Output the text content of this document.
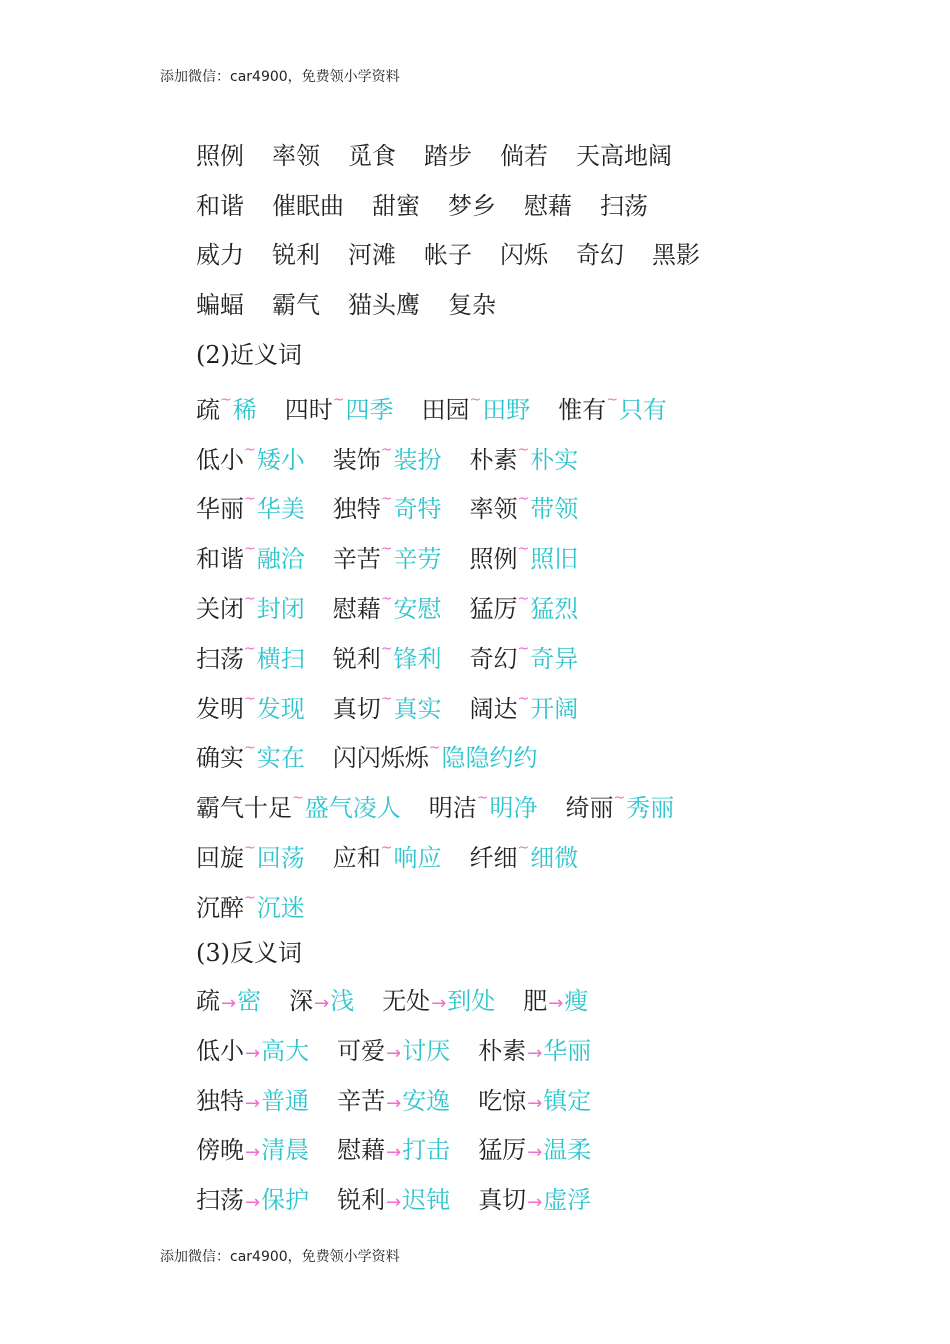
添加微信：car4900，免费领小学资料
照例 率领 觅食 踏步 倘若 天高地阔
和谐 催眠曲 甜蜜 梦乡 慰藉 扫荡
威力 锐利 河滩 帐子 闪烁 奇幻 黑影
蝙蝠 霸气 猫头鹰 复杂
(2)近义词
疏~稀 四时~四季 田园~田野 惟有~只有
低小~矮小 装饰~装扮 朴素~朴实
华丽~华美 独特~奇特 率领~带领
和谐~融洽 辛苦~辛劳 照例~照旧
关闭~封闭 慰藉~安慰 猛厉~猛烈
扫荡~横扫 锐利~锋利 奇幻~奇异
发明~发现 真切~真实 阔达~开阔
确实~实在 闪闪烁烁~隐隐约约
霸气十足~盛气凌人 明洁~明净 绮丽~秀丽
回旋~回荡 应和~响应 纤细~细微
沉醉~沉迷
(3)反义词
疏→密 深→浅 无处→到处 肥→瘦
低小→高大 可爱→讨厌 朴素→华丽
独特→普通 辛苦→安逸 吃惊→镇定
傍晚→清晨 慰藉→打击 猛厉→温柔
扫荡→保护 锐利→迟钝 真切→虚浮
添加微信：car4900，免费领小学资料
